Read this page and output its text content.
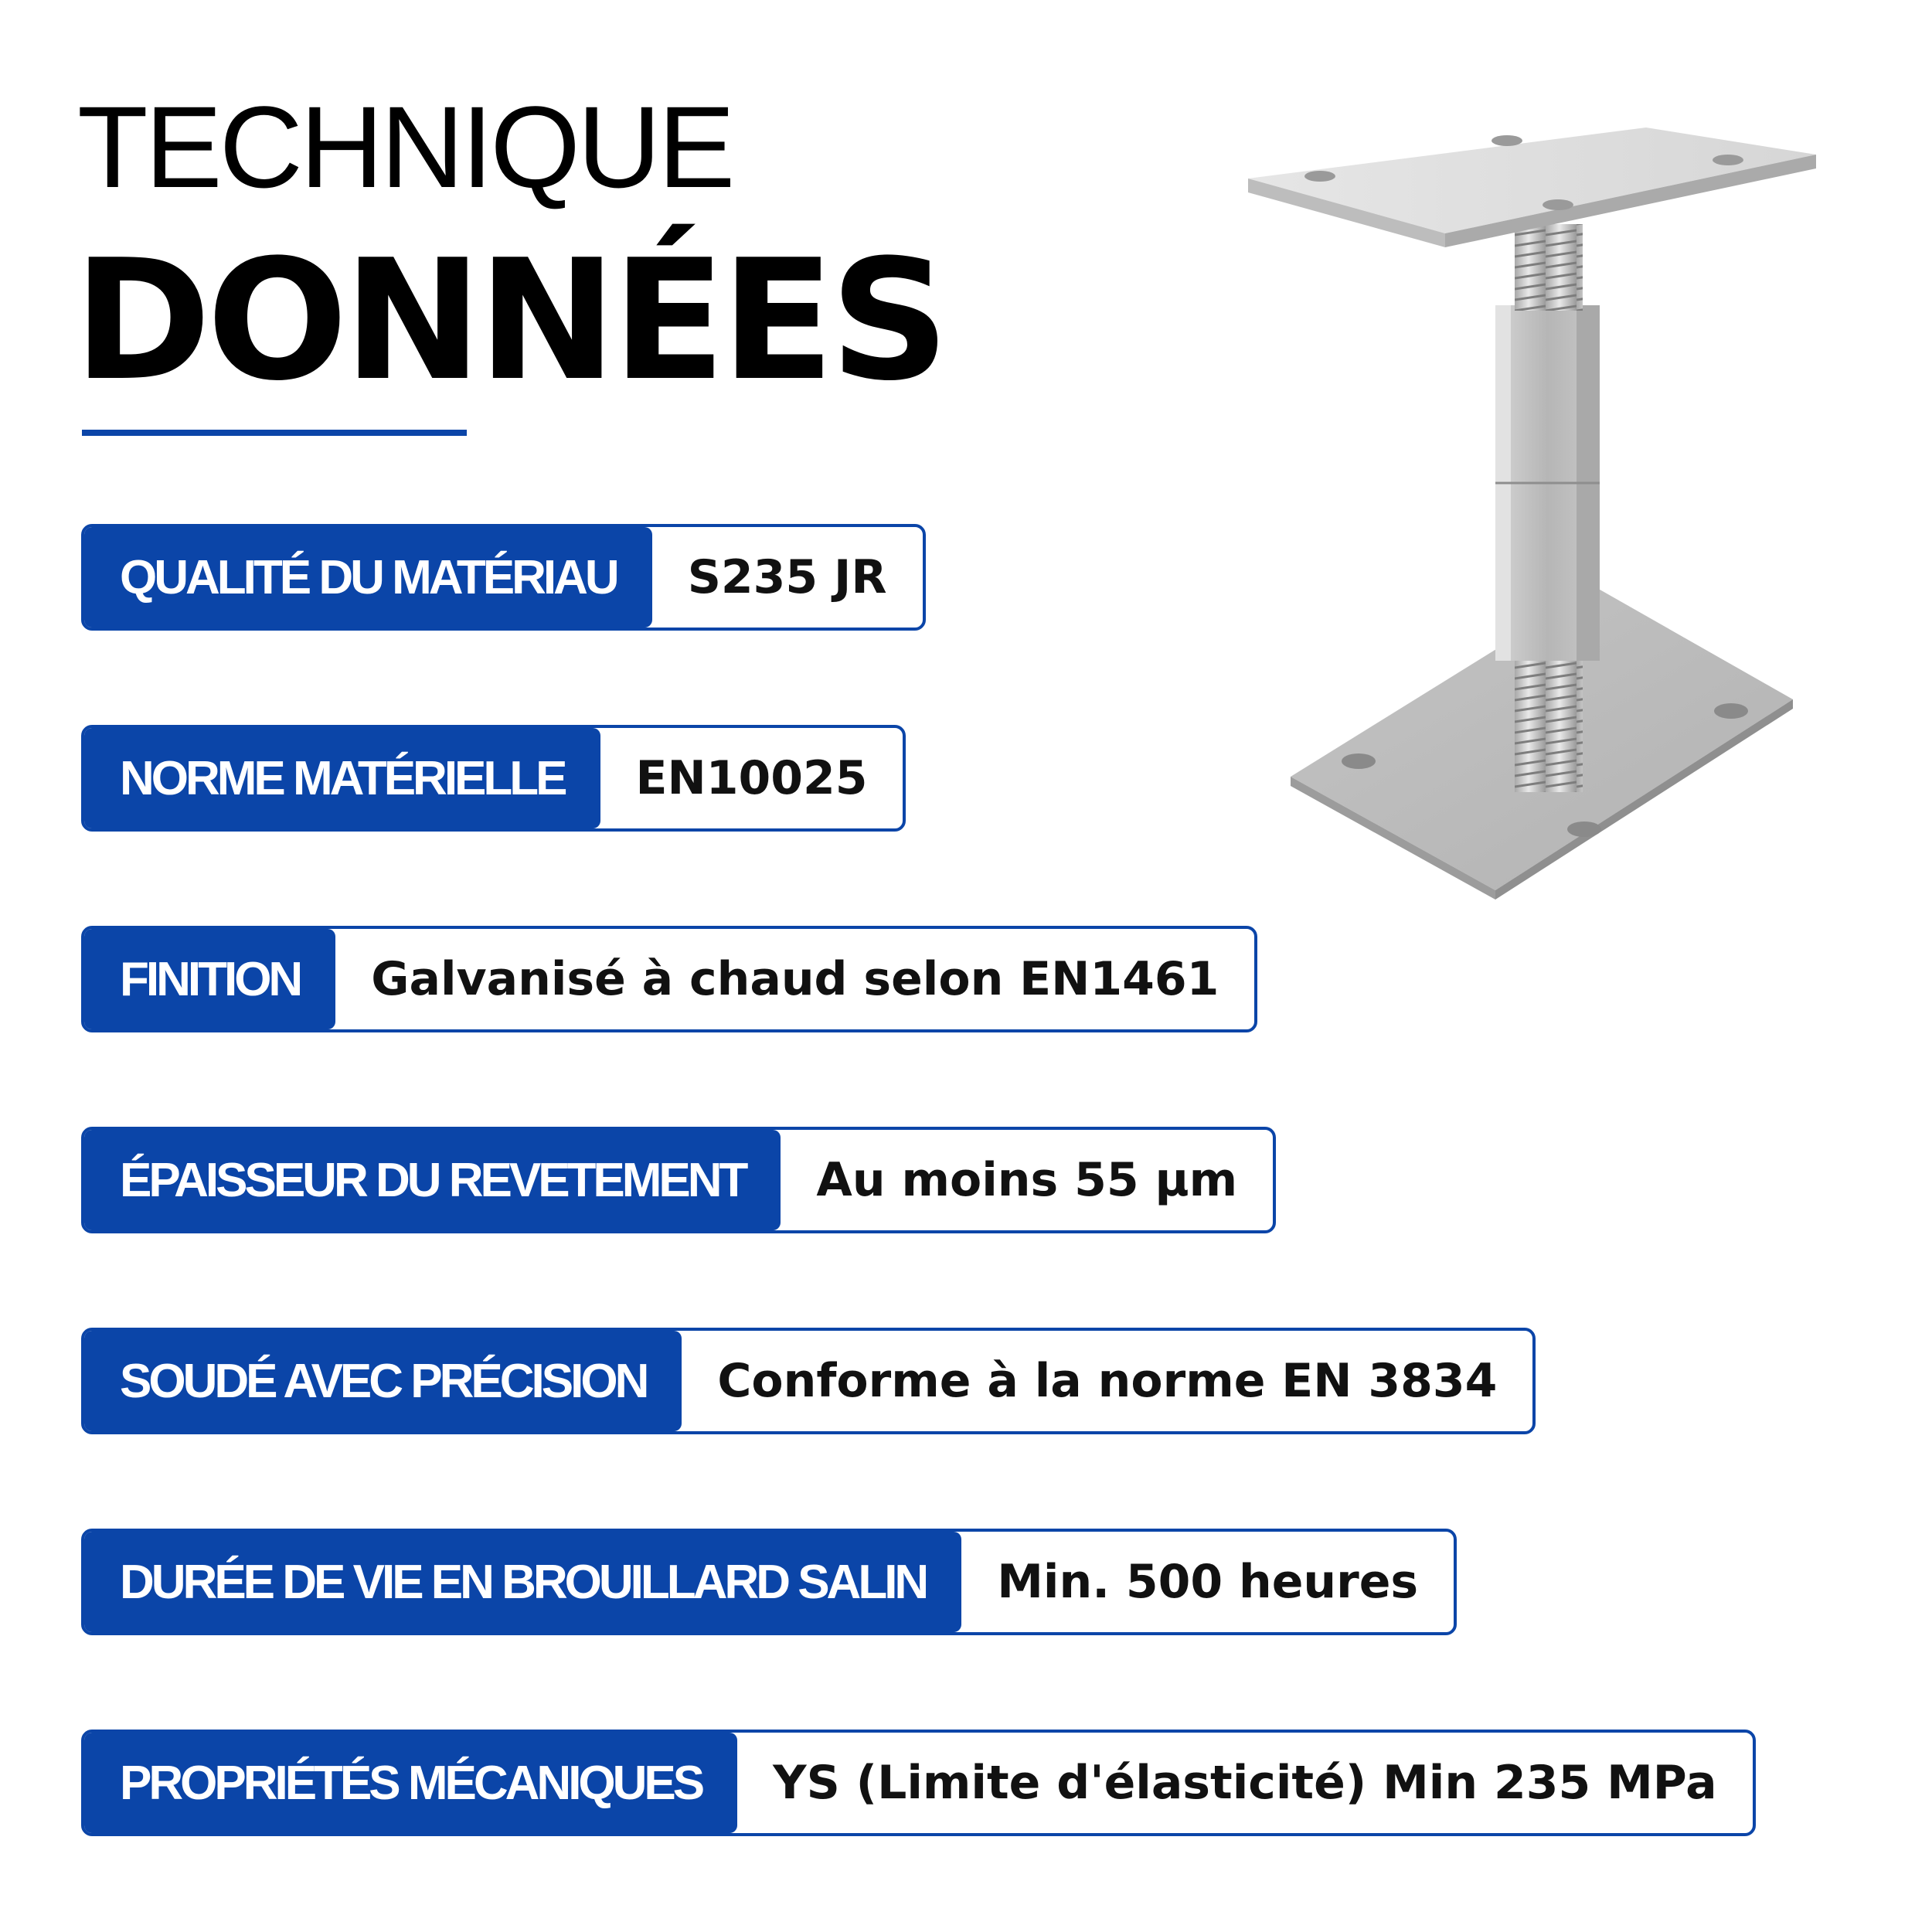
TECHNIQUE
DONNÉES
QUALITÉ DU MATÉRIAU	S235 JR
NORME MATÉRIELLE	EN10025
FINITION	Galvanisé à chaud selon EN1461
ÉPAISSEUR DU REVETEMENT	Au moins 55 µm
SOUDÉ AVEC PRÉCISION	Conforme à la norme EN 3834
DURÉE DE VIE EN BROUILLARD SALIN	Min. 500 heures
PROPRIÉTÉS MÉCANIQUES	YS (Limite d'élasticité) Min 235 MPa
